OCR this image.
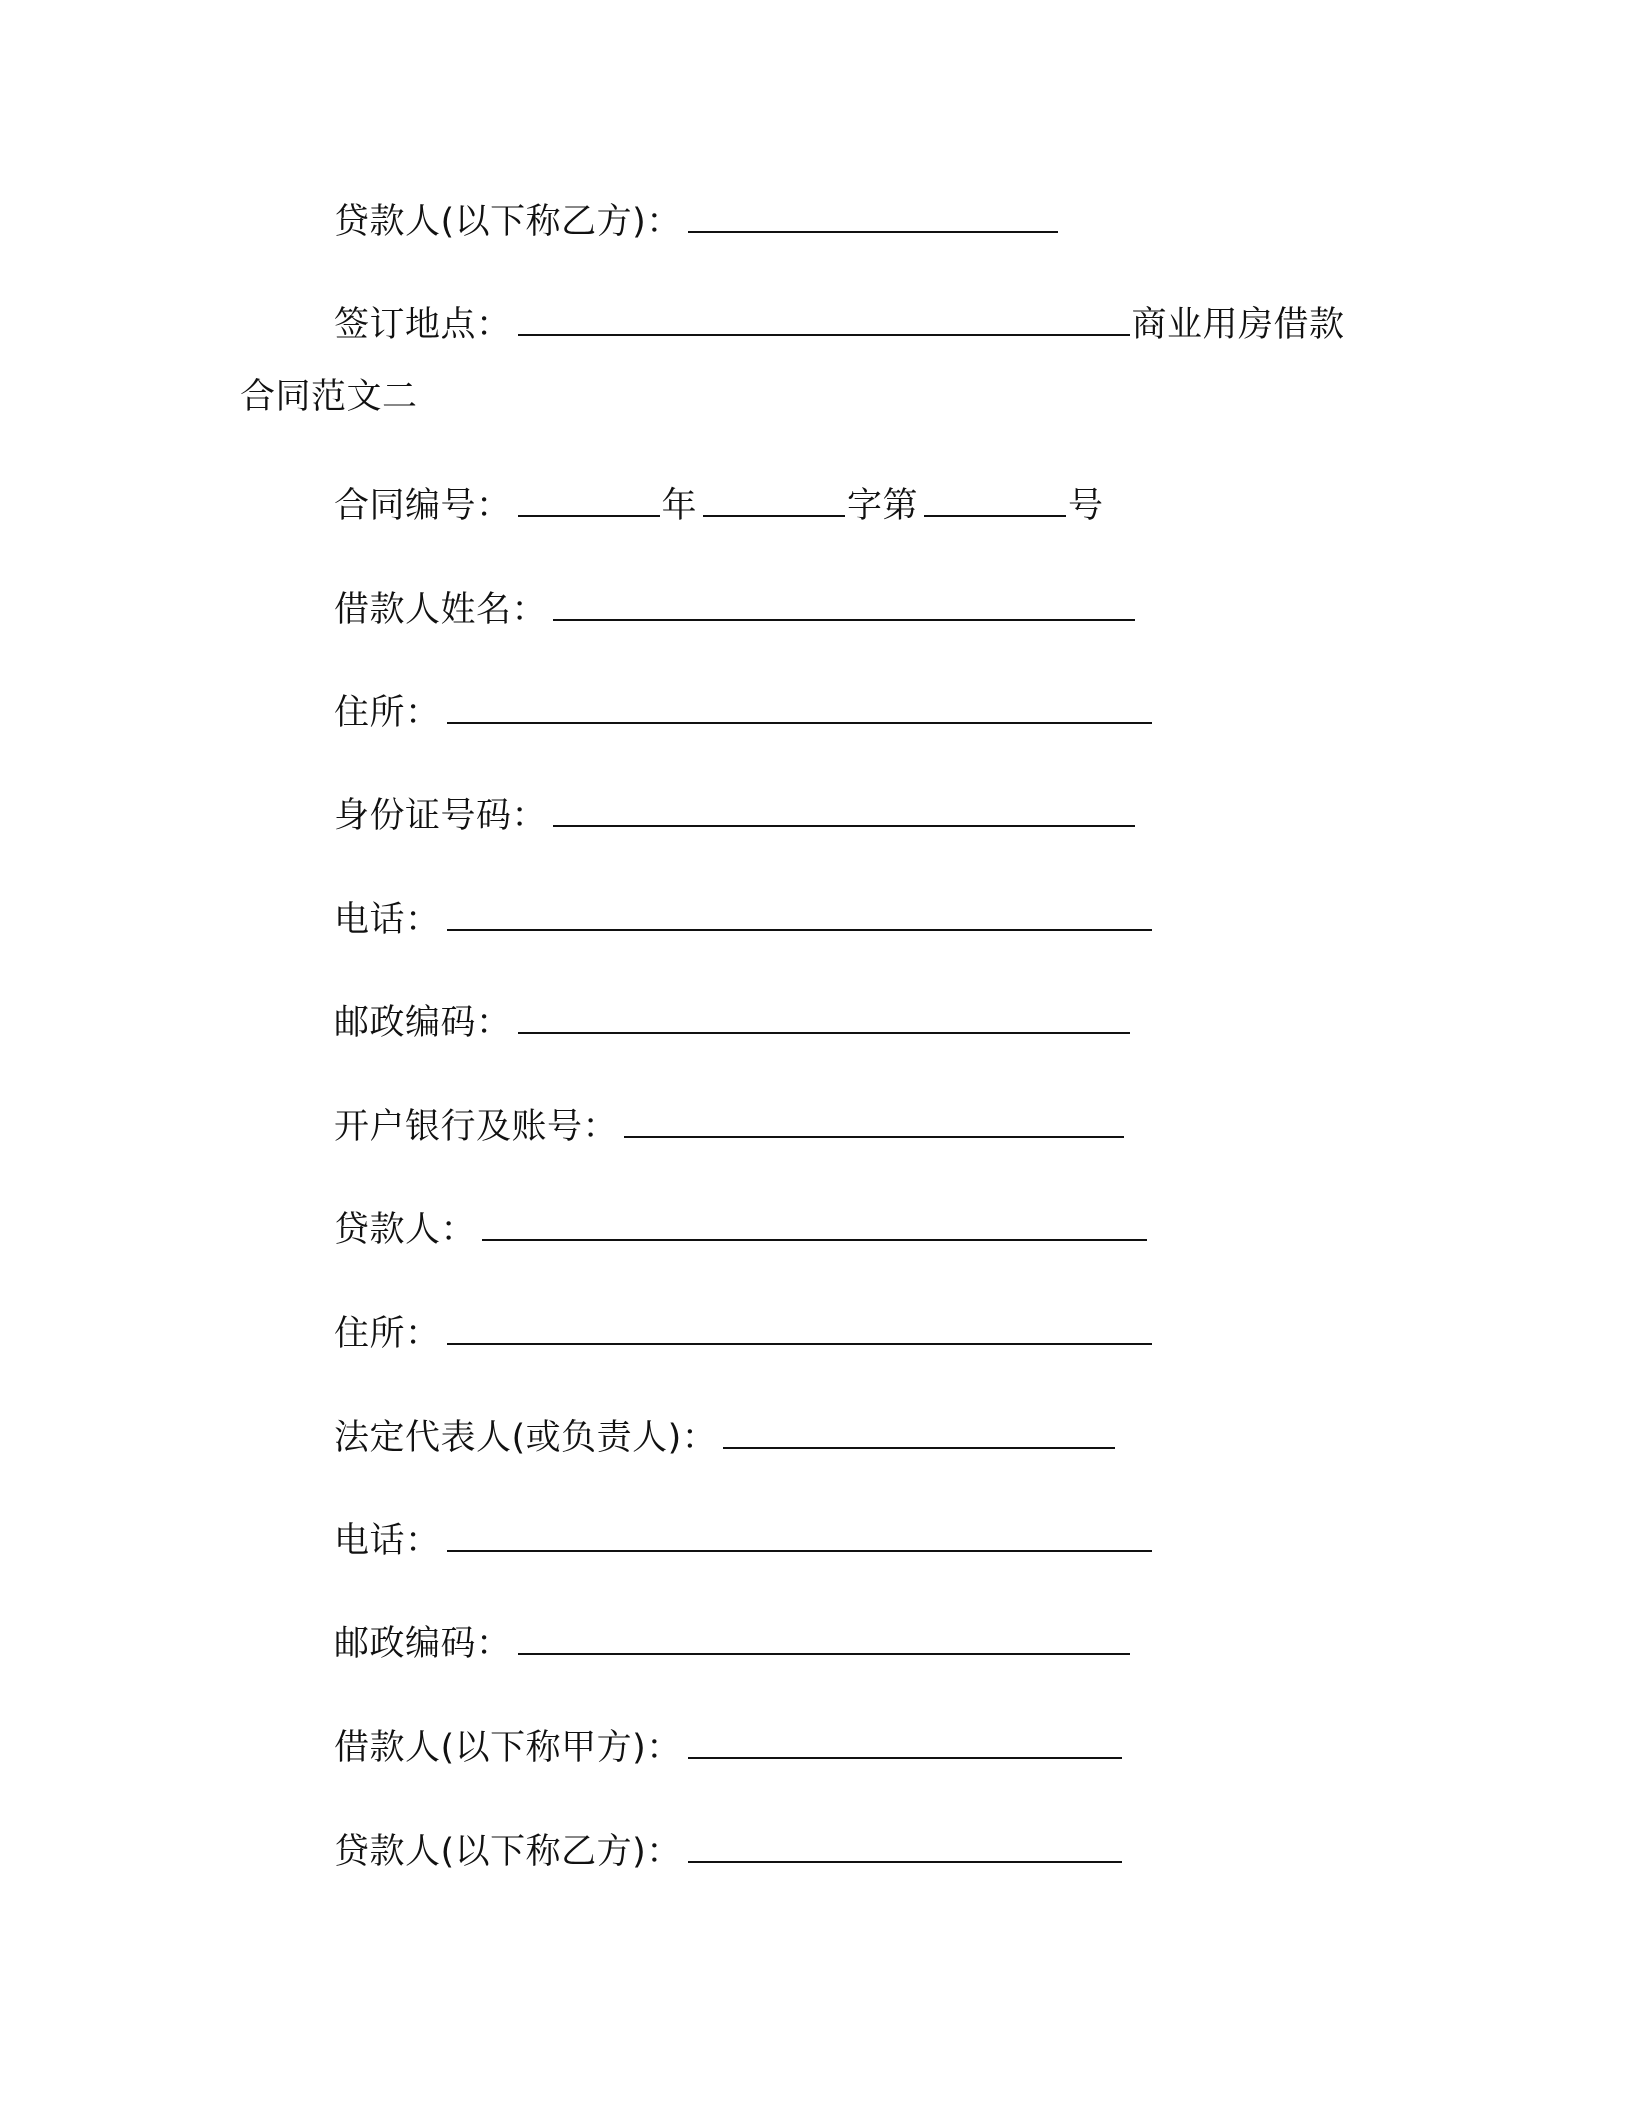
贷款人(以下称乙方)：
签订地点：	商业用房借款
合同范文二
合同编号：	年	字第	号
借款人姓名：
住所：
身份证号码：
电话：
邮政编码：
开户银行及账号：
贷款人：
住所：
法定代表人(或负责人)：
电话：
邮政编码：
借款人(以下称甲方)：
贷款人(以下称乙方)：
